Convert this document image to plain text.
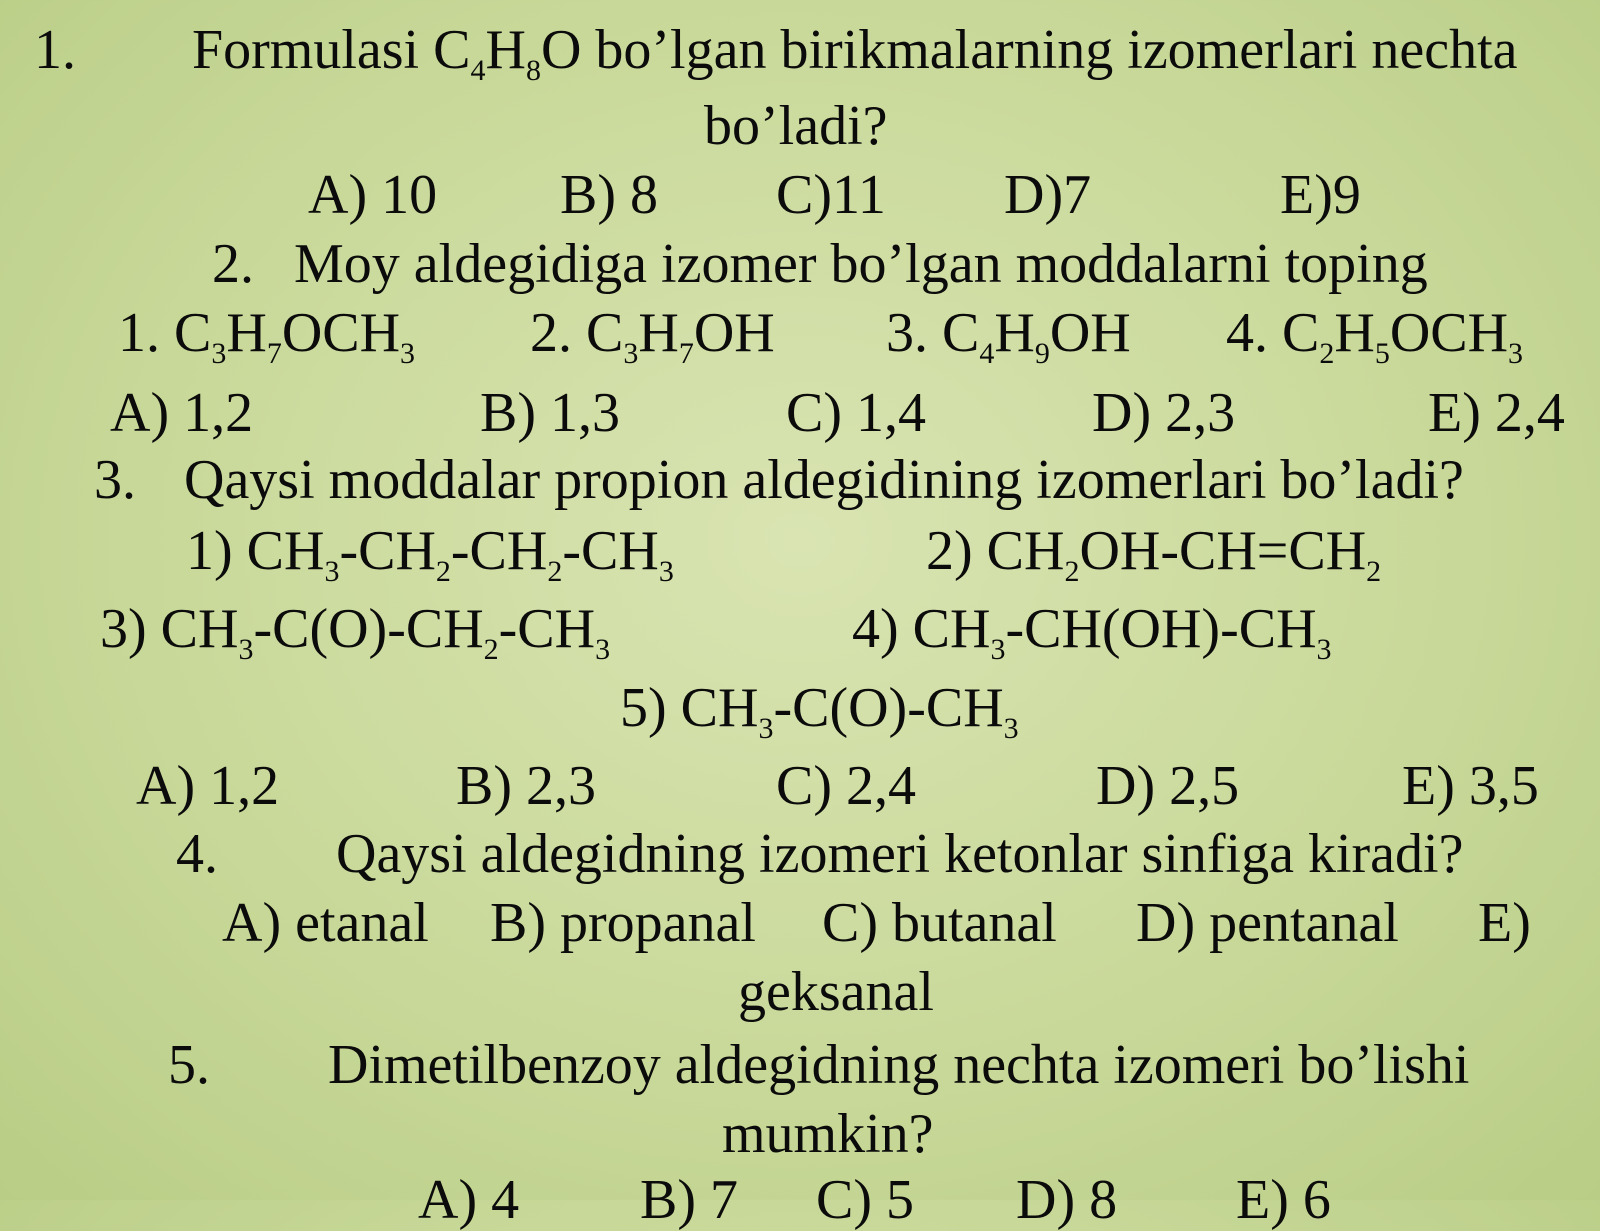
1. Formulasi $C_4H_8O$ bo’lgan birikmalarning izomerlari nechta
bo’ladi?
A) 10 B) 8 C)11 D)7	E)9
2. Moy aldegidiga izomer bo’lgan moddalarni toping
1. $C_3H_7OCH_3$ 2. $C_3H_7OH$ 3. $C_4H_9OH$ 4. $C_2H_5OCH_3$
A) 1,2	B) 1,3	C) 1,4	D) 2,3	E) 2,4
3. Qaysi moddalar propion aldegidining izomerlari bo’ladi?
1) $CH_3-CH_2-CH_2-CH_3$	2) $CH_2OH-CH=CH_2$
3) $CH_3-C(O)-CH_2-CH_3$	4) $CH_3-CH(OH)-CH_3$
5) $CH_3-C(O)-CH_3$
A) 1,2	B) 2,3	C) 2,4	D) 2,5	E) 3,5
4. Qaysi aldegidning izomeri ketonlar sinfiga kiradi?
A) etanal B) propanal C) butanal D) pentanal E)
geksanal
5. Dimetilbenzoy aldegidning nechta izomeri bo’lishi
mumkin?
A) 4 B) 7 C) 5 D) 8 E) 6
